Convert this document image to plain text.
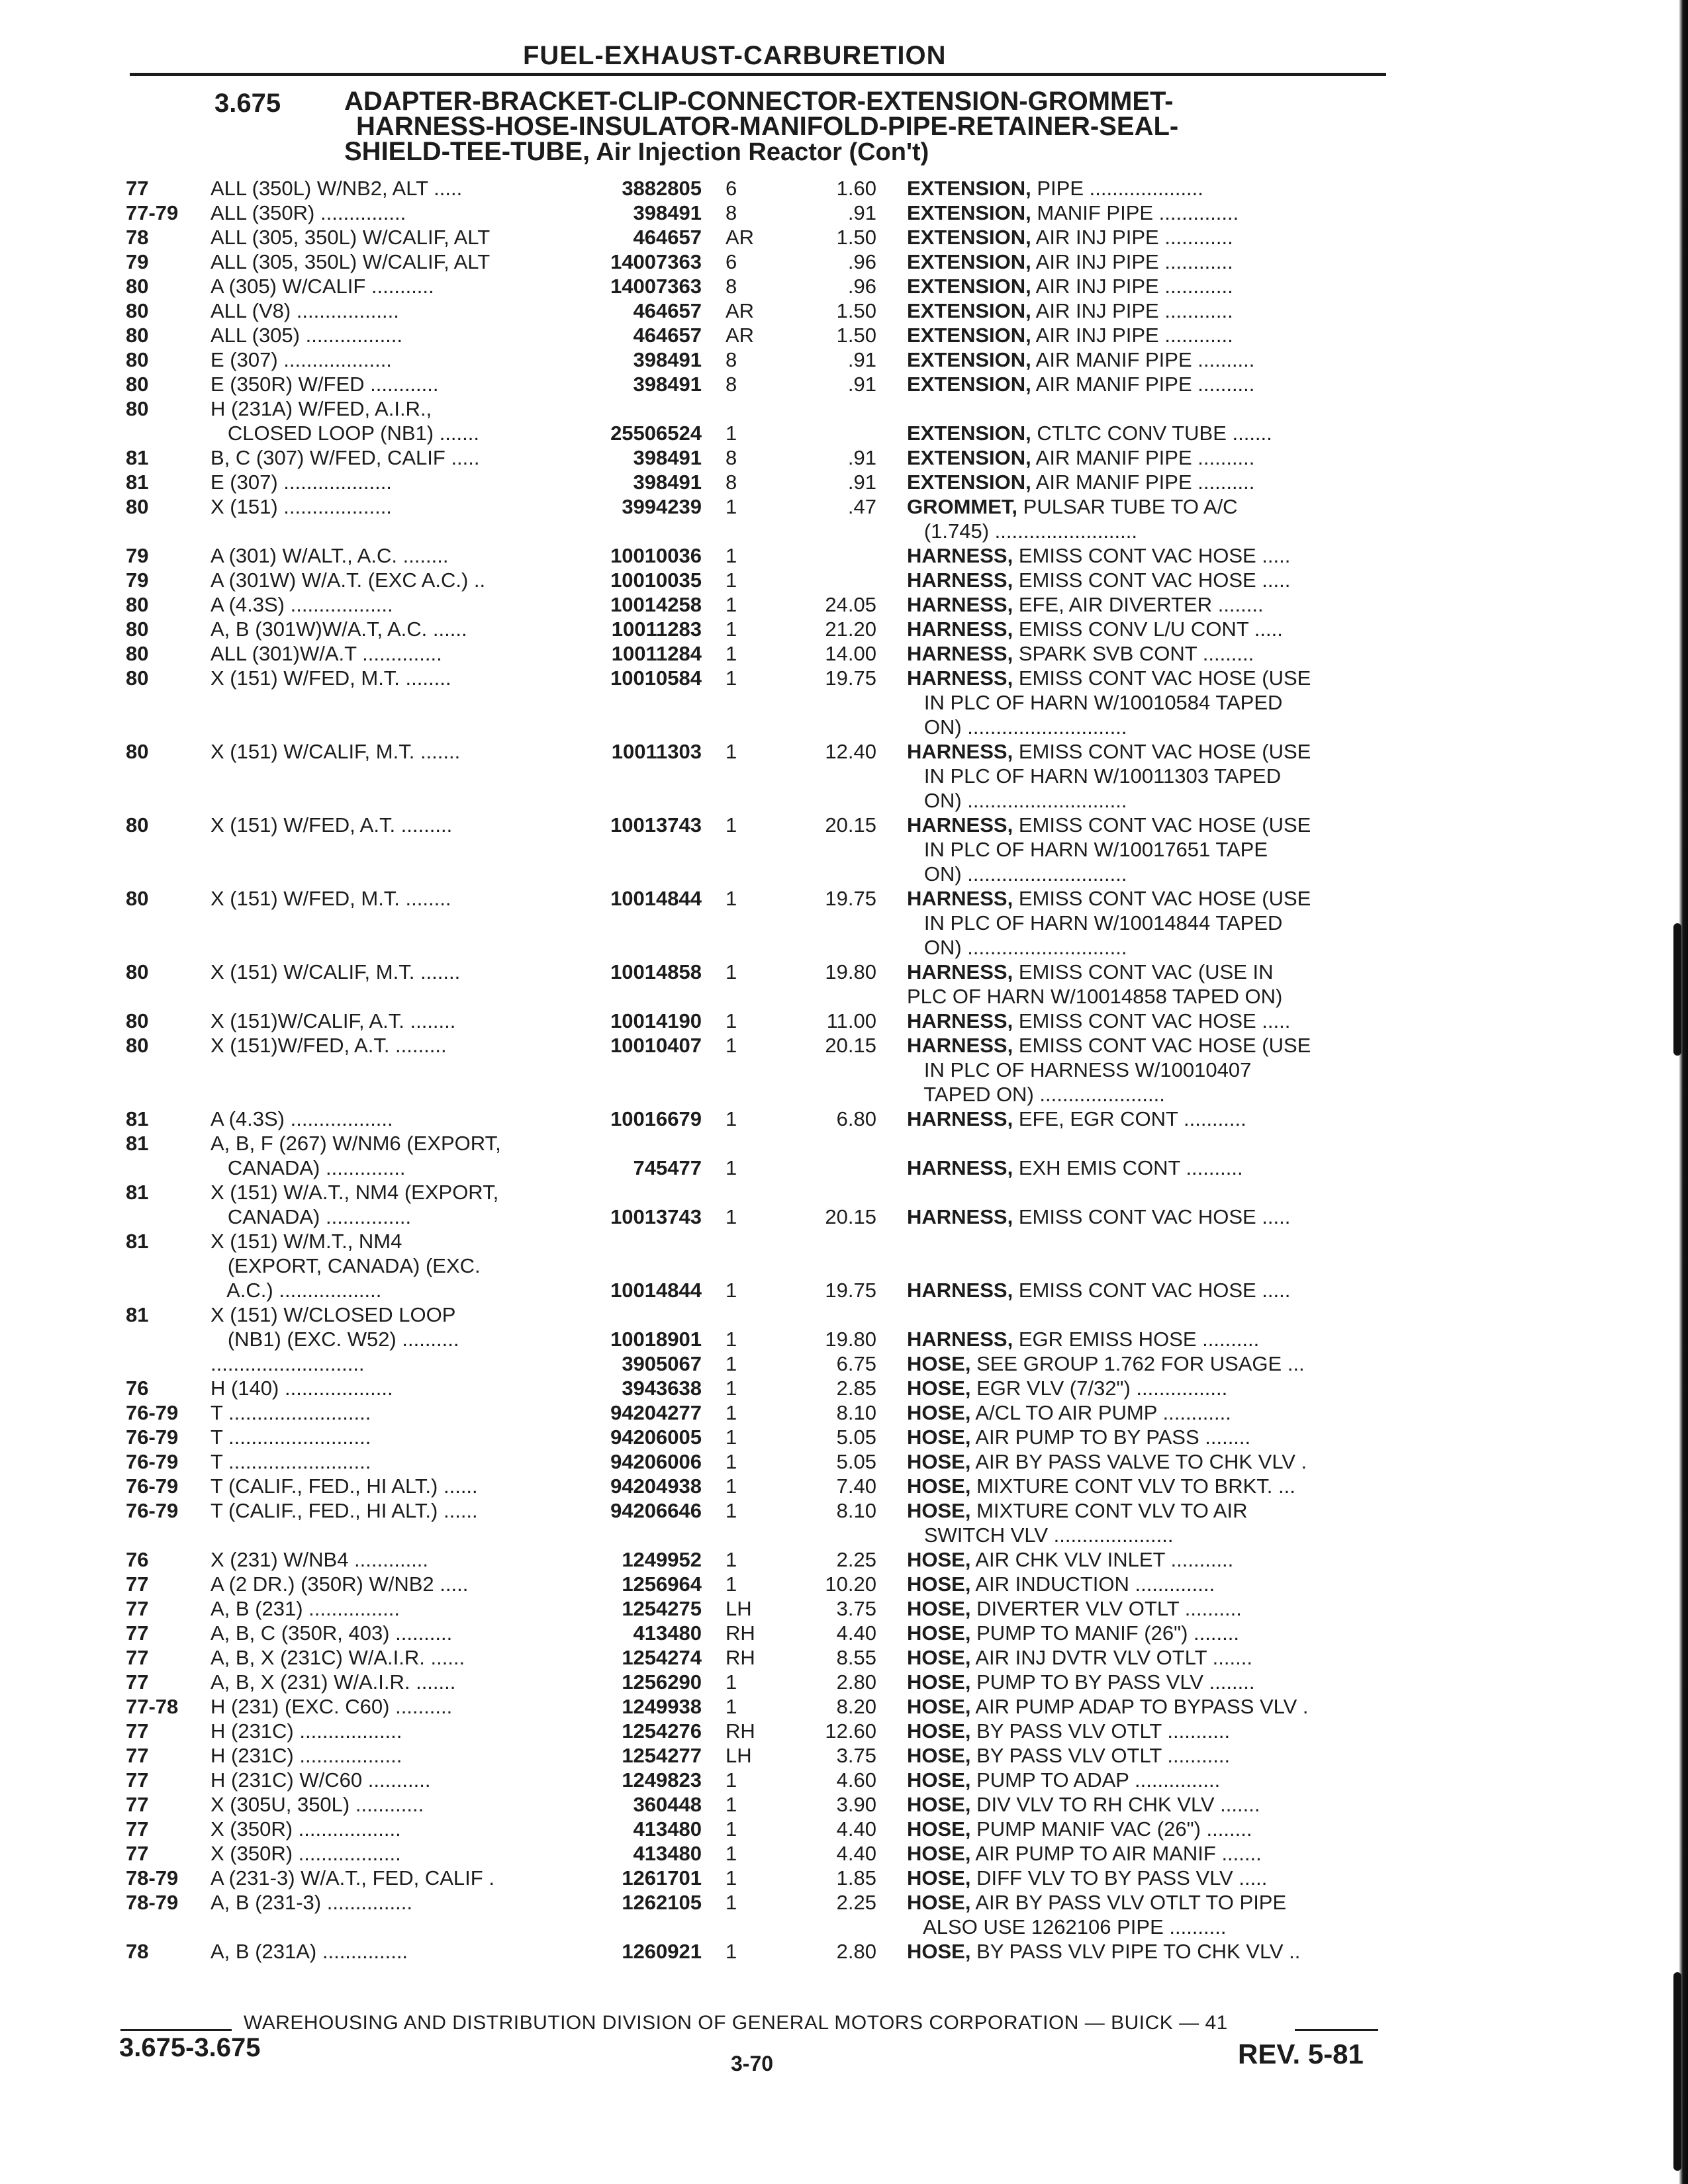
FUEL-EXHAUST-CARBURETION
3.675 ADAPTER-BRACKET-CLIP-CONNECTOR-EXTENSION-GROMMET-
HARNESS-HOSE-INSULATOR-MANIFOLD-PIPE-RETAINER-SEAL-
SHIELD-TEE-TUBE, Air Injection Reactor (Con't)
77	ALL (350L) W/NB2, ALT .....	3882805 6	1.60 EXTENSION, PIPE ....................
77-79	ALL (350R) ...............	398491 8	.91 EXTENSION, MANIF PIPE ..............
78	ALL (305, 350L) W/CALIF, ALT	464657 AR	1.50 EXTENSION, AIR INJ PIPE ............
79	ALL (305, 350L) W/CALIF, ALT	14007363 6	.96 EXTENSION, AIR INJ PIPE ............
80	A (305) W/CALIF ...........	14007363 8	.96 EXTENSION, AIR INJ PIPE ............
80	ALL (V8) ..................	464657 AR	1.50 EXTENSION, AIR INJ PIPE ............
80	ALL (305) .................	464657 AR	1.50 EXTENSION, AIR INJ PIPE ............
80	E (307) ...................	398491 8	.91 EXTENSION, AIR MANIF PIPE ..........
80	E (350R) W/FED ............	398491 8	.91 EXTENSION, AIR MANIF PIPE ..........
80	H (231A) W/FED, A.I.R.,
CLOSED LOOP (NB1) .......	25506524 1	EXTENSION, CTLTC CONV TUBE .......
81	B, C (307) W/FED, CALIF .....	398491 8	.91 EXTENSION, AIR MANIF PIPE ..........
81	E (307) ...................	398491 8	.91 EXTENSION, AIR MANIF PIPE ..........
80	X (151) ...................	3994239 1	.47 GROMMET, PULSAR TUBE TO A/C
(1.745) .........................
79	A (301) W/ALT., A.C. ........	10010036 1	HARNESS, EMISS CONT VAC HOSE .....
79	A (301W) W/A.T. (EXC A.C.) ..	10010035 1	HARNESS, EMISS CONT VAC HOSE .....
80	A (4.3S) ..................	10014258 1	24.05 HARNESS, EFE, AIR DIVERTER ........
80	A, B (301W)W/A.T, A.C. ......	10011283 1	21.20 HARNESS, EMISS CONV L/U CONT .....
80	ALL (301)W/A.T ..............	10011284 1	14.00 HARNESS, SPARK SVB CONT .........
80	X (151) W/FED, M.T. ........	10010584 1	19.75 HARNESS, EMISS CONT VAC HOSE (USE
IN PLC OF HARN W/10010584 TAPED
ON) ............................
80	X (151) W/CALIF, M.T. .......	10011303 1	12.40 HARNESS, EMISS CONT VAC HOSE (USE
IN PLC OF HARN W/10011303 TAPED
ON) ............................
80	X (151) W/FED, A.T. .........	10013743 1	20.15 HARNESS, EMISS CONT VAC HOSE (USE
IN PLC OF HARN W/10017651 TAPE
ON) ............................
80	X (151) W/FED, M.T. ........	10014844 1	19.75 HARNESS, EMISS CONT VAC HOSE (USE
IN PLC OF HARN W/10014844 TAPED
ON) ............................
80	X (151) W/CALIF, M.T. .......	10014858 1	19.80 HARNESS, EMISS CONT VAC (USE IN
PLC OF HARN W/10014858 TAPED ON)
80	X (151)W/CALIF, A.T. ........	10014190 1	11.00 HARNESS, EMISS CONT VAC HOSE .....
80	X (151)W/FED, A.T. .........	10010407 1	20.15 HARNESS, EMISS CONT VAC HOSE (USE
IN PLC OF HARNESS W/10010407
TAPED ON) ......................
81	A (4.3S) ..................	10016679 1	6.80 HARNESS, EFE, EGR CONT ...........
81	A, B, F (267) W/NM6 (EXPORT,
CANADA) ..............	745477 1	HARNESS, EXH EMIS CONT ..........
81	X (151) W/A.T., NM4 (EXPORT,
CANADA) ...............	10013743 1	20.15 HARNESS, EMISS CONT VAC HOSE .....
81	X (151) W/M.T., NM4
(EXPORT, CANADA) (EXC.
A.C.) ..................	10014844 1	19.75 HARNESS, EMISS CONT VAC HOSE .....
81	X (151) W/CLOSED LOOP
(NB1) (EXC. W52) ..........	10018901 1	19.80 HARNESS, EGR EMISS HOSE ..........
...........................	3905067 1	6.75 HOSE, SEE GROUP 1.762 FOR USAGE ...
76	H (140) ...................	3943638 1	2.85 HOSE, EGR VLV (7/32") ................
76-79	T .........................	94204277 1	8.10 HOSE, A/CL TO AIR PUMP ............
76-79	T .........................	94206005 1	5.05 HOSE, AIR PUMP TO BY PASS ........
76-79	T .........................	94206006 1	5.05 HOSE, AIR BY PASS VALVE TO CHK VLV .
76-79	T (CALIF., FED., HI ALT.) ......	94204938 1	7.40 HOSE, MIXTURE CONT VLV TO BRKT. ...
76-79	T (CALIF., FED., HI ALT.) ......	94206646 1	8.10 HOSE, MIXTURE CONT VLV TO AIR
SWITCH VLV .....................
76	X (231) W/NB4 .............	1249952 1	2.25 HOSE, AIR CHK VLV INLET ...........
77	A (2 DR.) (350R) W/NB2 .....	1256964 1	10.20 HOSE, AIR INDUCTION ..............
77	A, B (231) ................	1254275 LH	3.75 HOSE, DIVERTER VLV OTLT ..........
77	A, B, C (350R, 403) ..........	413480 RH	4.40 HOSE, PUMP TO MANIF (26") ........
77	A, B, X (231C) W/A.I.R. ......	1254274 RH	8.55 HOSE, AIR INJ DVTR VLV OTLT .......
77	A, B, X (231) W/A.I.R. .......	1256290 1	2.80 HOSE, PUMP TO BY PASS VLV ........
77-78	H (231) (EXC. C60) ..........	1249938 1	8.20 HOSE, AIR PUMP ADAP TO BYPASS VLV .
77	H (231C) ..................	1254276 RH	12.60 HOSE, BY PASS VLV OTLT ...........
77	H (231C) ..................	1254277 LH	3.75 HOSE, BY PASS VLV OTLT ...........
77	H (231C) W/C60 ...........	1249823 1	4.60 HOSE, PUMP TO ADAP ...............
77	X (305U, 350L) ............	360448 1	3.90 HOSE, DIV VLV TO RH CHK VLV .......
77	X (350R) ..................	413480 1	4.40 HOSE, PUMP MANIF VAC (26") ........
77	X (350R) ..................	413480 1	4.40 HOSE, AIR PUMP TO AIR MANIF .......
78-79	A (231-3) W/A.T., FED, CALIF .	1261701 1	1.85 HOSE, DIFF VLV TO BY PASS VLV .....
78-79	A, B (231-3) ...............	1262105 1	2.25 HOSE, AIR BY PASS VLV OTLT TO PIPE
ALSO USE 1262106 PIPE ..........
78	A, B (231A) ...............	1260921 1	2.80 HOSE, BY PASS VLV PIPE TO CHK VLV ..
WAREHOUSING AND DISTRIBUTION DIVISION OF GENERAL MOTORS CORPORATION — BUICK — 41
3.675-3.675
3-70	REV. 5-81
